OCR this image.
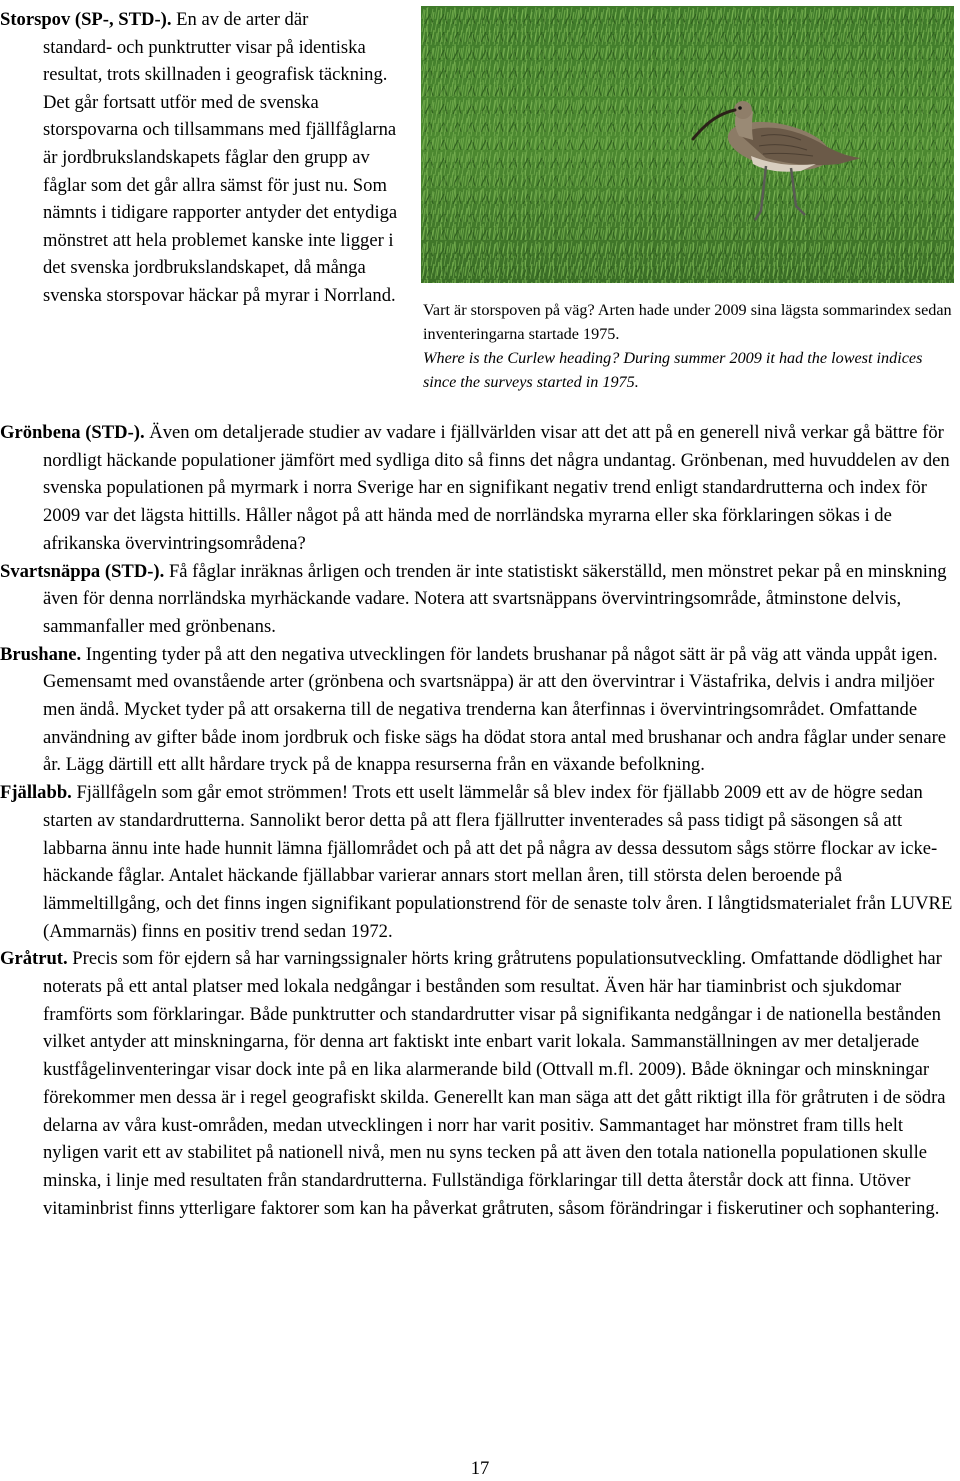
Storspov (SP-, STD-). En av de arter där
standard- och punktrutter visar på identiska resultat, trots skillnaden i geografisk täckning. Det går fortsatt utför med de svenska storspovarna och tillsammans med fjällfåglarna är jordbrukslandskapets fåglar den grupp av fåglar som det går allra sämst för just nu. Som nämnts i tidigare rapporter antyder det entydiga mönstret att hela problemet kanske inte ligger i det svenska jordbrukslandskapet, då många svenska storspovar häckar på myrar i Norrland.
Vart är storspoven på väg? Arten hade under 2009 sina lägsta sommarindex sedan inventeringarna startade 1975.
Where is the Curlew heading? During summer 2009 it had the lowest indices since the surveys started in 1975.

Grönbena (STD-). Även om detaljerade studier av vadare i fjällvärlden visar att det att på en generell nivå verkar gå bättre för nordligt häckande populationer jämfört med sydliga dito så finns det några undantag. Grönbenan, med huvuddelen av den svenska populationen på myrmark i norra Sverige har en signifikant negativ trend enligt standardrutterna och index för 2009 var det lägsta hittills. Håller något på att hända med de norrländska myrarna eller ska förklaringen sökas i de afrikanska övervintringsområdena?

Svartsnäppa (STD-). Få fåglar inräknas årligen och trenden är inte statistiskt säkerställd, men mönstret pekar på en minskning även för denna norrländska myrhäckande vadare. Notera att svartsnäppans övervintringsområde, åtminstone delvis, sammanfaller med grönbenans.

Brushane. Ingenting tyder på att den negativa utvecklingen för landets brushanar på något sätt är på väg att vända uppåt igen. Gemensamt med ovanstående arter (grönbena och svartsnäppa) är att den övervintrar i Västafrika, delvis i andra miljöer men ändå. Mycket tyder på att orsakerna till de negativa trenderna kan återfinnas i övervintringsområdet. Omfattande användning av gifter både inom jordbruk och fiske sägs ha dödat stora antal med brushanar och andra fåglar under senare år. Lägg därtill ett allt hårdare tryck på de knappa resurserna från en växande befolkning.

Fjällabb. Fjällfågeln som går emot strömmen! Trots ett uselt lämmelår så blev index för fjällabb 2009 ett av de högre sedan starten av standardrutterna. Sannolikt beror detta på att flera fjällrutter inventerades så pass tidigt på säsongen så att labbarna ännu inte hade hunnit lämna fjällområdet och på att det på några av dessa dessutom sågs större flockar av icke-häckande fåglar. Antalet häckande fjällabbar varierar annars stort mellan åren, till största delen beroende på lämmeltillgång, och det finns ingen signifikant populationstrend för de senaste tolv åren. I långtidsmaterialet från LUVRE (Ammarnäs) finns en positiv trend sedan 1972.

Gråtrut. Precis som för ejdern så har varningssignaler hörts kring gråtrutens populationsutveckling. Omfattande dödlighet har noterats på ett antal platser med lokala nedgångar i bestånden som resultat. Även här har tiaminbrist och sjukdomar framförts som förklaringar. Både punktrutter och standardrutter visar på signifikanta nedgångar i de nationella bestånden vilket antyder att minskningarna, för denna art faktiskt inte enbart varit lokala. Sammanställningen av mer detaljerade kustfågelinventeringar visar dock inte på en lika alarmerande bild (Ottvall m.fl. 2009). Både ökningar och minskningar förekommer men dessa är i regel geografiskt skilda. Generellt kan man säga att det gått riktigt illa för gråtruten i de södra delarna av våra kust-områden, medan utvecklingen i norr har varit positiv. Sammantaget har mönstret fram tills helt nyligen varit ett av stabilitet på nationell nivå, men nu syns tecken på att även den totala nationella populationen skulle minska, i linje med resultaten från standardrutterna. Fullständiga förklaringar till detta återstår dock att finna. Utöver vitaminbrist finns ytterligare faktorer som kan ha påverkat gråtruten, såsom förändringar i fiskerutiner och sophantering.

17
